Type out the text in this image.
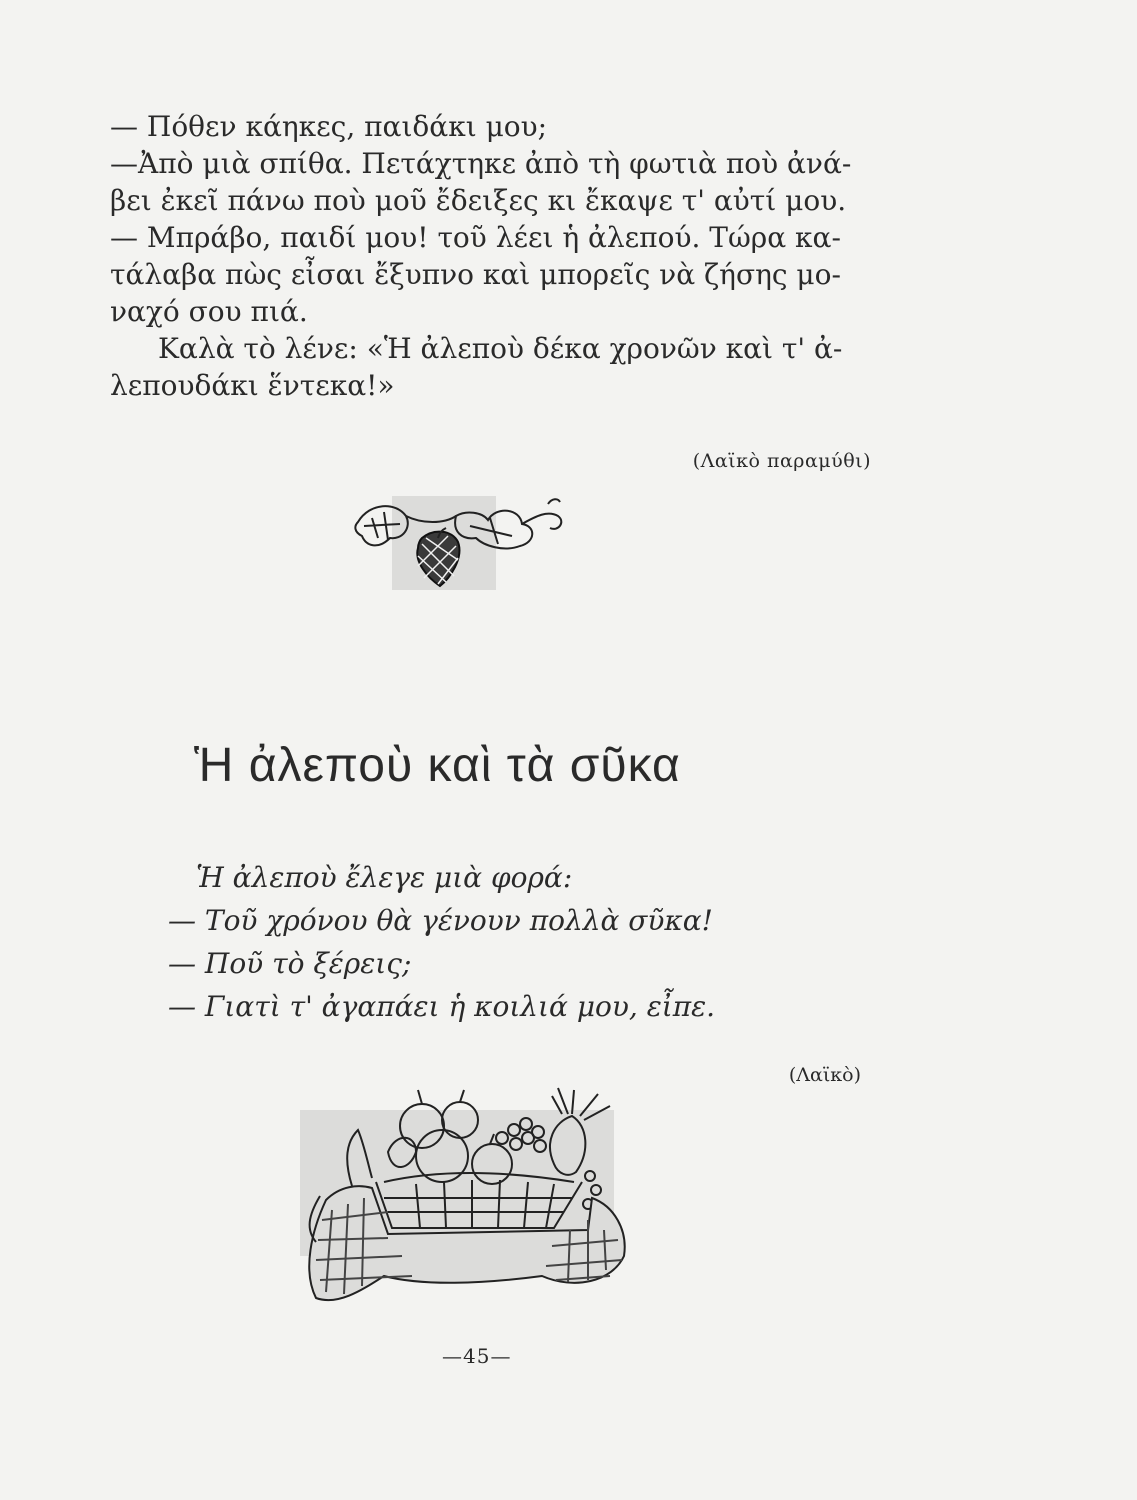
— Πόθεν κάηκες, παιδάκι μου;

—Ἀπὸ μιὰ σπίθα. Πετάχτηκε ἀπὸ τὴ φωτιὰ ποὺ ἀνά-

βει ἐκεῖ πάνω ποὺ μοῦ ἔδειξες κι ἔκαψε τ' αὐτί μου.

— Μπράβο, παιδί μου! τοῦ λέει ἡ ἀλεπού. Τώρα κα-

τάλαβα πὼς εἶσαι ἔξυπνο καὶ μπορεῖς νὰ ζήσης μο-

ναχό σου πιά.

Καλὰ τὸ λένε: «Ἡ ἀλεποὺ δέκα χρονῶν καὶ τ' ἀ-

λεπουδάκι ἕντεκα!»

(Λαϊκὸ παραμύθι)
Ἡ ἀλεποὺ καὶ τὰ σῦκα

Ἡ ἀλεποὺ ἔλεγε μιὰ φορά:

— Τοῦ χρόνου θὰ γένουν πολλὰ σῦκα!

— Ποῦ τὸ ξέρεις;

— Γιατὶ τ' ἀγαπάει ἡ κοιλιά μου, εἶπε.

(Λαϊκὸ)
—45—
